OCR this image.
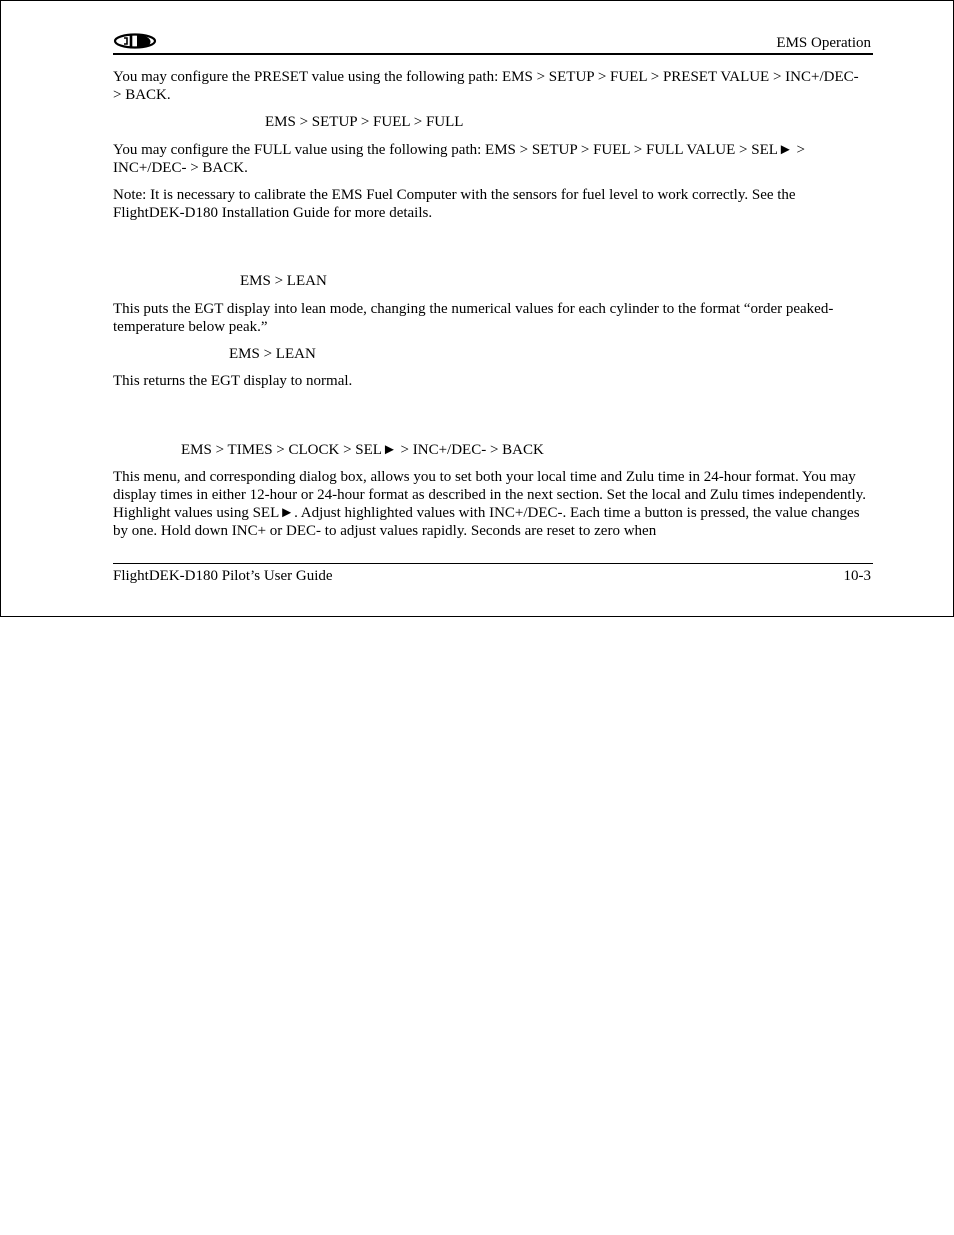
EMS Operation

You may configure the PRESET value using the following path: EMS > SETUP > FUEL > PRESET VALUE > INC+/DEC- > BACK.

EMS > SETUP > FUEL > FULL

You may configure the FULL value using the following path: EMS > SETUP > FUEL > FULL VALUE > SEL► > INC+/DEC- > BACK.

Note: It is necessary to calibrate the EMS Fuel Computer with the sensors for fuel level to work correctly. See the FlightDEK-D180 Installation Guide for more details.

EMS > LEAN

This puts the EGT display into lean mode, changing the numerical values for each cylinder to the format “order peaked-temperature below peak.”

EMS > LEAN

This returns the EGT display to normal.

EMS > TIMES > CLOCK > SEL► > INC+/DEC- > BACK

This menu, and corresponding dialog box, allows you to set both your local time and Zulu time in 24-hour format. You may display times in either 12-hour or 24-hour format as described in the next section. Set the local and Zulu times independently. Highlight values using SEL►. Adjust highlighted values with INC+/DEC-. Each time a button is pressed, the value changes by one. Hold down INC+ or DEC- to adjust values rapidly. Seconds are reset to zero when

FlightDEK-D180 Pilot’s User Guide	10-3
